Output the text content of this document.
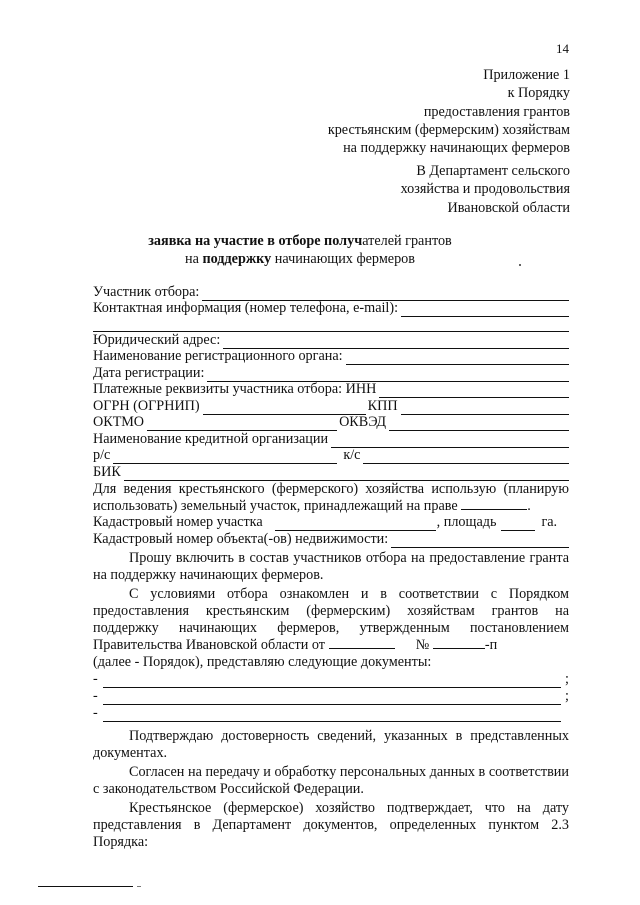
14
Приложение 1
к Порядку
предоставления грантов
крестьянским (фермерским) хозяйствам
на поддержку начинающих фермеров
В Департамент сельского
хозяйства и продовольствия
Ивановской области
заявка на участие в отборе получателей грантов
на поддержку начинающих фермеров
Участник отбора:
Контактная информация (номер телефона, e-mail):
Юридический адрес:
Наименование регистрационного органа:
Дата регистрации:
Платежные реквизиты участника отбора: ИНН
ОГРН (ОГРНИП)	КПП
ОКТМО	ОКВЭД
Наименование кредитной организации
р/с	к/с
БИК

Для ведения крестьянского (фермерского) хозяйства использую (планирую использовать) земельный участок, принадлежащий на праве	.

Кадастровый номер участка	, площадь	га.
Кадастровый номер объекта(-ов) недвижимости:

Прошу включить в состав участников отбора на предоставление гранта на поддержку начинающих фермеров.

С условиями отбора ознакомлен и в соответствии с Порядком предоставления крестьянским (фермерским) хозяйствам грантов на поддержку начинающих фермеров, утвержденным постановлением Правительства Ивановской области от	№	-п

(далее - Порядок), представляю следующие документы:

-	;
-	;
-

Подтверждаю достоверность сведений, указанных в представленных документах.

Согласен на передачу и обработку персональных данных в соответствии с законодательством Российской Федерации.

Крестьянское (фермерское) хозяйство подтверждает, что на дату представления в Департамент документов, определенных пунктом 2.3 Порядка:
